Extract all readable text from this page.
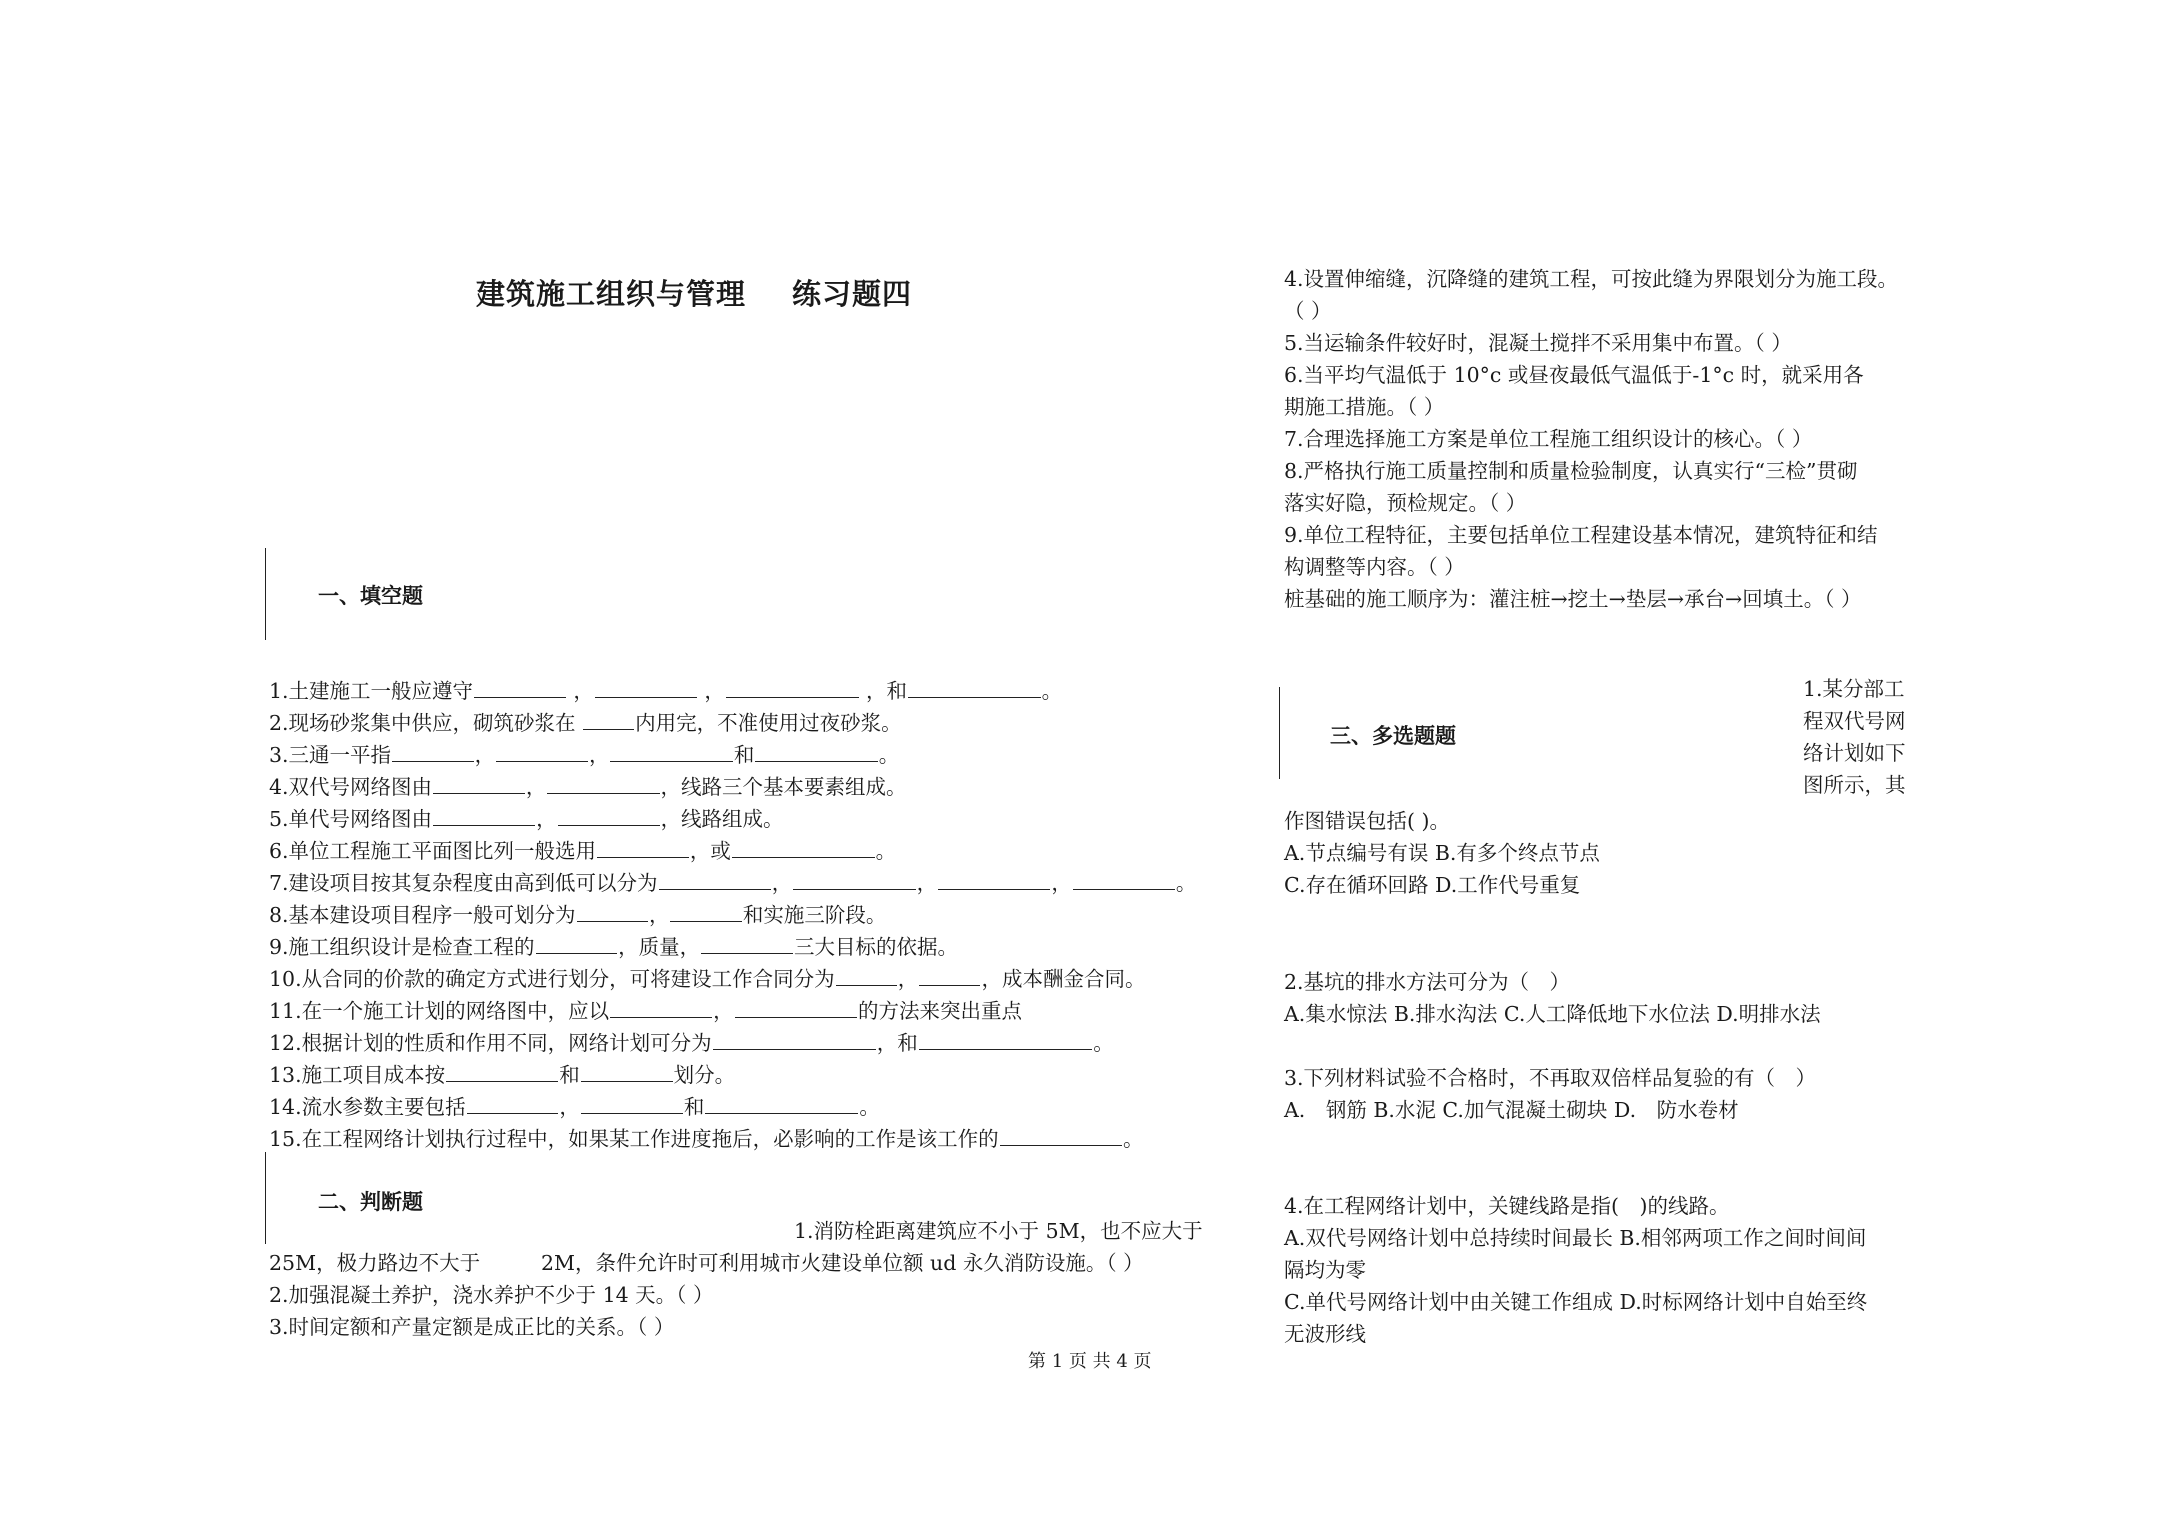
建筑施工组织与管理 练习题四
一、填空题
1.土建施工一般应遵守	，	，	，和	。
2.现场砂浆集中供应，砌筑砂浆在	内用完，不准使用过夜砂浆。
3.三通一平指	，	，	和	。
4.双代号网络图由	，	，线路三个基本要素组成。
5.单代号网络图由	，	，线路组成。
6.单位工程施工平面图比列一般选用	，或	。
7.建设项目按其复杂程度由高到低可以分为	，	，	，	。
8.基本建设项目程序一般可划分为	，	和实施三阶段。
9.施工组织设计是检查工程的	，质量，	三大目标的依据。
10.从合同的价款的确定方式进行划分，可将建设工作合同分为	，	，成本酬金合同。
11.在一个施工计划的网络图中，应以	，	的方法来突出重点
12.根据计划的性质和作用不同，网络计划可分为	，和	。
13.施工项目成本按	和	划分。
14.流水参数主要包括	，	和	。
15.在工程网络计划执行过程中，如果某工作进度拖后，必影响的工作是该工作的	。
二、判断题
1.消防栓距离建筑应不小于 5M，也不应大于
25M，极力路边不大于	2M，条件允许时可利用城市火建设单位额 ud 永久消防设施。（ ）
2.加强混凝土养护，浇水养护不少于 14 天。（ ）
3.时间定额和产量定额是成正比的关系。（ ）
第 1 页 共 4 页
4.设置伸缩缝，沉降缝的建筑工程，可按此缝为界限划分为施工段。
（ ）
5.当运输条件较好时，混凝土搅拌不采用集中布置。（ ）
6.当平均气温低于 10°c 或昼夜最低气温低于-1°c 时，就采用各
期施工措施。（ ）
7.合理选择施工方案是单位工程施工组织设计的核心。（ ）
8.严格执行施工质量控制和质量检验制度，认真实行“三检”贯砌
落实好隐，预检规定。（ ）
9.单位工程特征，主要包括单位工程建设基本情况，建筑特征和结
构调整等内容。（ ）
桩基础的施工顺序为：灌注桩→挖土→垫层→承台→回填土。（ ）
三、多选题题
1.某分部工
程双代号网
络计划如下
图所示，其
作图错误包括( )。
A.节点编号有误 B.有多个终点节点
C.存在循环回路 D.工作代号重复
2.基坑的排水方法可分为（　）
A.集水惊法 B.排水沟法 C.人工降低地下水位法 D.明排水法
3.下列材料试验不合格时，不再取双倍样品复验的有（　）
A.　钢筋 B.水泥 C.加气混凝土砌块 D.　防水卷材
4.在工程网络计划中，关键线路是指(　)的线路。
A.双代号网络计划中总持续时间最长 B.相邻两项工作之间时间间
隔均为零
C.单代号网络计划中由关键工作组成 D.时标网络计划中自始至终
无波形线
